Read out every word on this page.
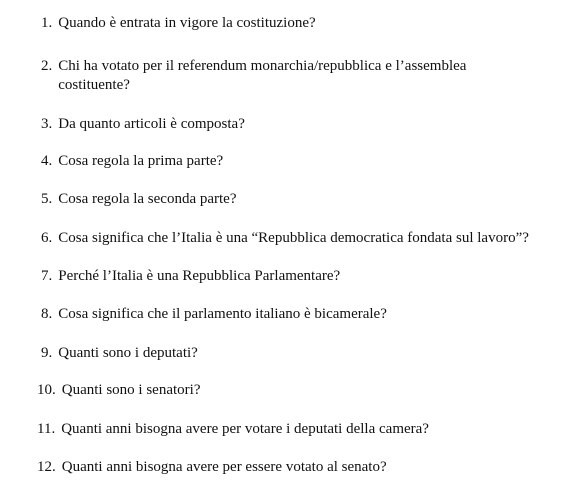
1. Quando è entrata in vigore la costituzione?
2. Chi ha votato per il referendum monarchia/repubblica e l’assemblea costituente?
3. Da quanto articoli è composta?
4. Cosa regola la prima parte?
5. Cosa regola la seconda parte?
6. Cosa significa che l’Italia è una “Repubblica democratica fondata sul lavoro”?
7. Perché l’Italia è una Repubblica Parlamentare?
8. Cosa significa che il parlamento italiano è bicamerale?
9. Quanti sono i deputati?
10. Quanti sono i senatori?
11. Quanti anni bisogna avere per votare i deputati della camera?
12. Quanti anni bisogna avere per essere votato al senato?
